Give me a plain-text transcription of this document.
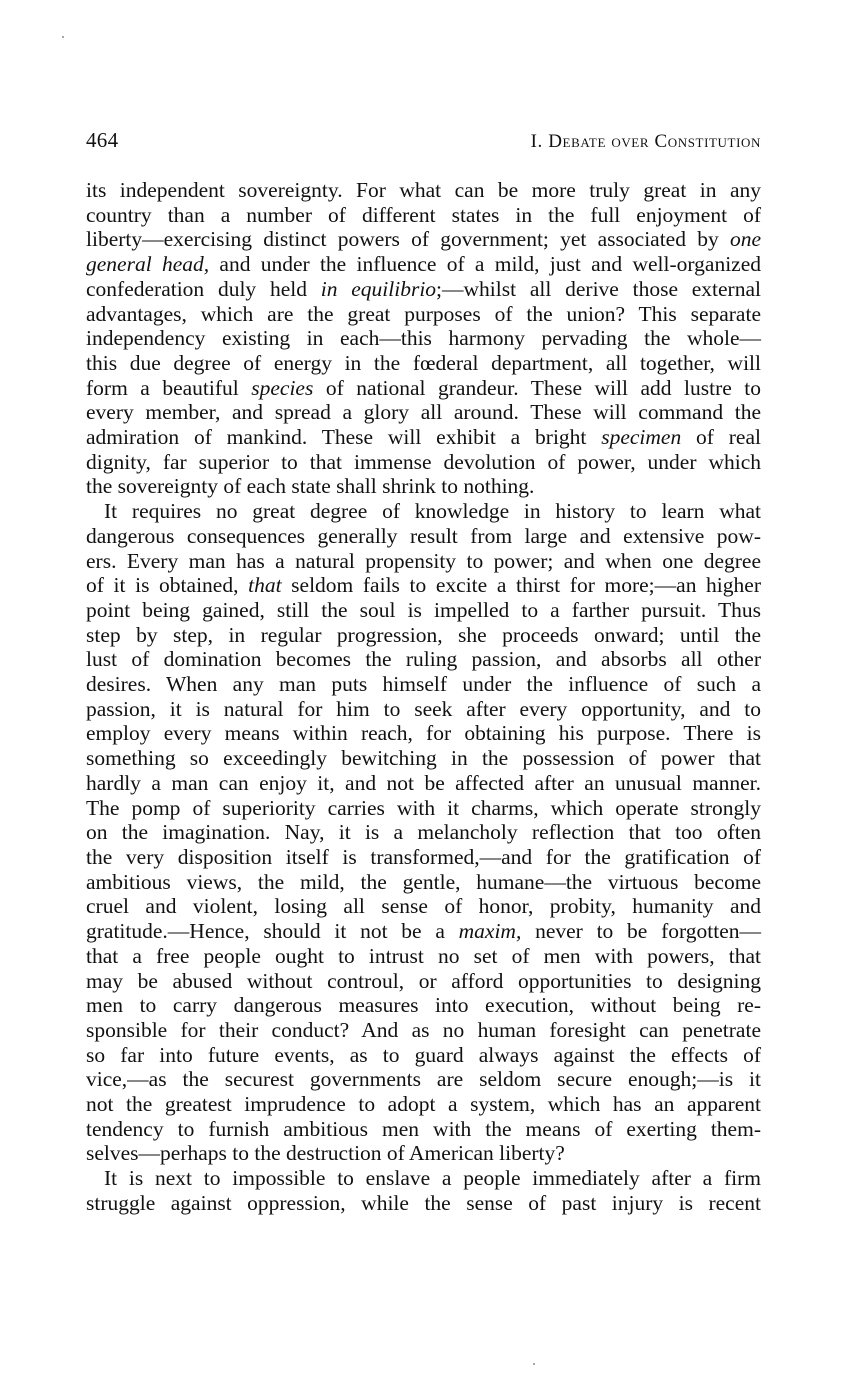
464	I. Debate over Constitution

its independent sovereignty. For what can be more truly great in any
country than a number of different states in the full enjoyment of
liberty—exercising distinct powers of government; yet associated by one
general head, and under the influence of a mild, just and well-organized
confederation duly held in equilibrio;—whilst all derive those external
advantages, which are the great purposes of the union? This separate
independency existing in each—this harmony pervading the whole—
this due degree of energy in the fœderal department, all together, will
form a beautiful species of national grandeur. These will add lustre to
every member, and spread a glory all around. These will command the
admiration of mankind. These will exhibit a bright specimen of real
dignity, far superior to that immense devolution of power, under which
the sovereignty of each state shall shrink to nothing.

It requires no great degree of knowledge in history to learn what
dangerous consequences generally result from large and extensive pow-
ers. Every man has a natural propensity to power; and when one degree
of it is obtained, that seldom fails to excite a thirst for more;—an higher
point being gained, still the soul is impelled to a farther pursuit. Thus
step by step, in regular progression, she proceeds onward; until the
lust of domination becomes the ruling passion, and absorbs all other
desires. When any man puts himself under the influence of such a
passion, it is natural for him to seek after every opportunity, and to
employ every means within reach, for obtaining his purpose. There is
something so exceedingly bewitching in the possession of power that
hardly a man can enjoy it, and not be affected after an unusual manner.
The pomp of superiority carries with it charms, which operate strongly
on the imagination. Nay, it is a melancholy reflection that too often
the very disposition itself is transformed,—and for the gratification of
ambitious views, the mild, the gentle, humane—the virtuous become
cruel and violent, losing all sense of honor, probity, humanity and
gratitude.—Hence, should it not be a maxim, never to be forgotten—
that a free people ought to intrust no set of men with powers, that
may be abused without controul, or afford opportunities to designing
men to carry dangerous measures into execution, without being re-
sponsible for their conduct? And as no human foresight can penetrate
so far into future events, as to guard always against the effects of
vice,—as the securest governments are seldom secure enough;—is it
not the greatest imprudence to adopt a system, which has an apparent
tendency to furnish ambitious men with the means of exerting them-
selves—perhaps to the destruction of American liberty?

It is next to impossible to enslave a people immediately after a firm
struggle against oppression, while the sense of past injury is recent
